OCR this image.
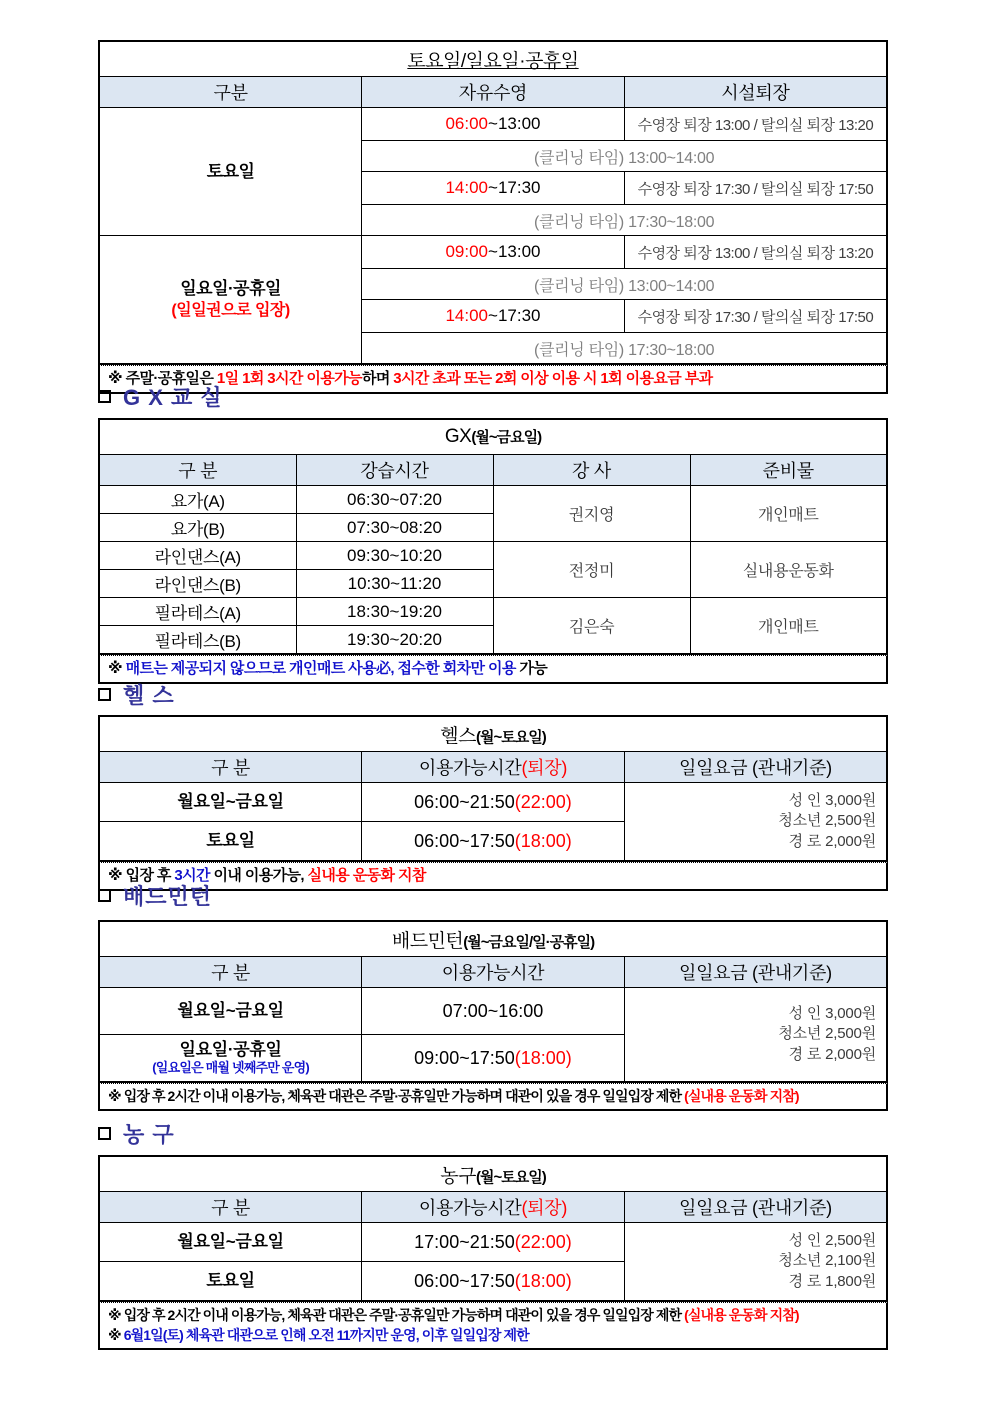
토요일/일요일·공휴일		
구분	자유수영	시설퇴장
토요일	06:00~13:00	수영장 퇴장 13:00 / 탈의실 퇴장 13:20
	(클리닝 타임) 13:00~14:00	
	14:00~17:30	수영장 퇴장 17:30 / 탈의실 퇴장 17:50
	(클리닝 타임) 17:30~18:00	
일요일·공휴일
(일일권으로 입장)	09:00~13:00	수영장 퇴장 13:00 / 탈의실 퇴장 13:20
	(클리닝 타임) 13:00~14:00	
	14:00~17:30	수영장 퇴장 17:30 / 탈의실 퇴장 17:50
	(클리닝 타임) 17:30~18:00	
※ 주말·공휴일은 1일 1회 3시간 이용가능하며 3시간 초과 또는 2회 이상 이용 시 1회 이용요금 부과
G X 교 실
GX(월~금요일)			
구 분	강습시간	강 사	준비물
요가(A)	06:30~07:20	권지영	개인매트
요가(B)	07:30~08:20		
라인댄스(A)	09:30~10:20	전정미	실내용운동화
라인댄스(B)	10:30~11:20		
필라테스(A)	18:30~19:20	김은숙	개인매트
필라테스(B)	19:30~20:20		
※ 매트는 제공되지 않으므로 개인매트 사용必, 접수한 회차만 이용 가능
헬 스
헬스(월~토요일)		
구 분	이용가능시간(퇴장)	일일요금 (관내기준)
월요일~금요일	06:00~21:50(22:00)	성 인 3,000원
청소년 2,500원
경 로 2,000원
토요일	06:00~17:50(18:00)	
※ 입장 후 3시간 이내 이용가능, 실내용 운동화 지참
배드민턴
배드민턴(월~금요일/일·공휴일)		
구 분	이용가능시간	일일요금 (관내기준)
월요일~금요일	07:00~16:00	성 인 3,000원
청소년 2,500원
경 로 2,000원
일요일·공휴일
(일요일은 매월 넷째주만 운영)	09:00~17:50(18:00)	
※ 입장 후 2시간 이내 이용가능, 체육관 대관은 주말·공휴일만 가능하며 대관이 있을 경우 일일입장 제한 (실내용 운동화 지참)
농 구
농구(월~토요일)		
구 분	이용가능시간(퇴장)	일일요금 (관내기준)
월요일~금요일	17:00~21:50(22:00)	성 인 2,500원
청소년 2,100원
경 로 1,800원
토요일	06:00~17:50(18:00)	
※ 입장 후 2시간 이내 이용가능, 체육관 대관은 주말·공휴일만 가능하며 대관이 있을 경우 일일입장 제한 (실내용 운동화 지참)
※ 6월1일(토) 체육관 대관으로 인해 오전 11까지만 운영, 이후 일일입장 제한
